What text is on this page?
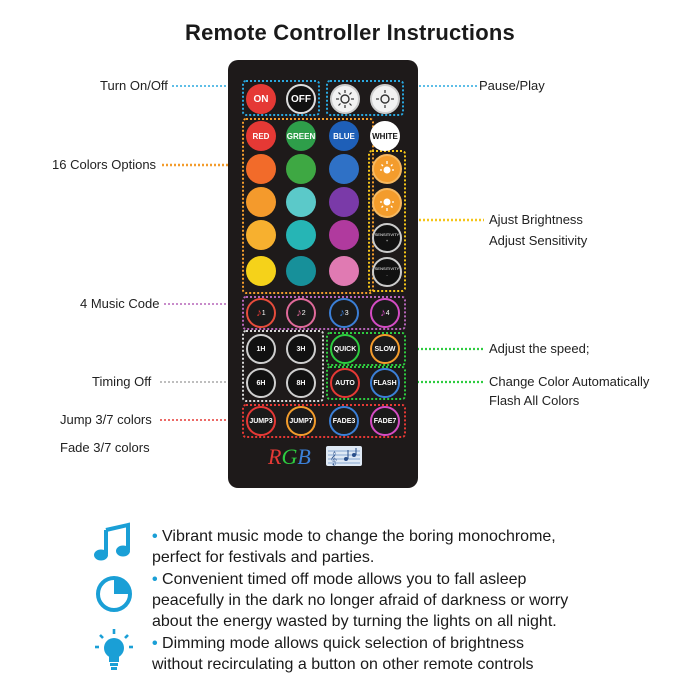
Remote Controller Instructions
Turn On/Off
16 Colors Options
4 Music Code
Timing Off
Jump 3/7 colors
Fade 3/7 colors
Pause/Play
Ajust Brightness
Adjust Sensitivity
Adjust the speed;
Change Color Automatically
Flash All Colors
ON OFF
RED GREEN BLUE WHITE
SENSITIVITY +
SENSITIVITY -
♪ 1	♪ 2	♪ 3	♪ 4
1H	3H
6H	8H
QUICK	SLOW
AUTO	FLASH
JUMP3 JUMP7	FADE3	FADE7
RGB 𝄞
• Vibrant music mode to change the boring monochrome,
perfect for festivals and parties.
• Convenient timed off mode allows you to fall asleep
peacefully in the dark no longer afraid of darkness or worry
about the energy wasted by turning the lights on all night.
• Dimming mode allows quick selection of brightness
without recirculating a button on other remote controls
